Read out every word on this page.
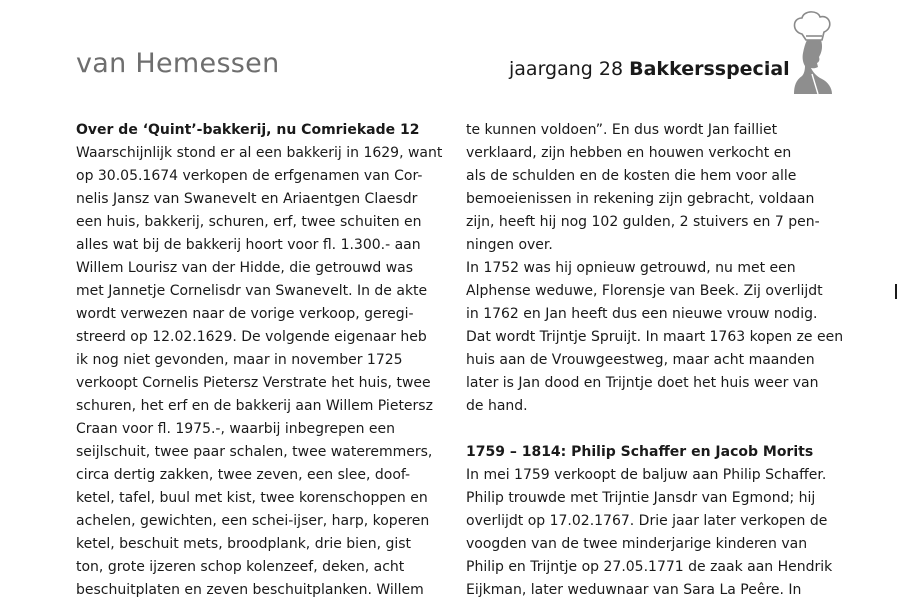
van Hemessen	jaargang 28 Bakkersspecial
Over de ‘Quint’-bakkerij, nu Comriekade 12
Waarschijnlijk stond er al een bakkerij in 1629, want
op 30.05.1674 verkopen de erfgenamen van Cor-
nelis Jansz van Swanevelt en Ariaentgen Claesdr
een huis, bakkerij, schuren, erf, twee schuiten en
alles wat bij de bakkerij hoort voor fl. 1.300.- aan
Willem Lourisz van der Hidde, die getrouwd was
met Jannetje Cornelisdr van Swanevelt. In de akte
wordt verwezen naar de vorige verkoop, geregi-
streerd op 12.02.1629. De volgende eigenaar heb
ik nog niet gevonden, maar in november 1725
verkoopt Cornelis Pietersz Verstrate het huis, twee
schuren, het erf en de bakkerij aan Willem Pietersz
Craan voor fl. 1975.-, waarbij inbegrepen een
seijlschuit, twee paar schalen, twee wateremmers,
circa dertig zakken, twee zeven, een slee, doof-
ketel, tafel, buul met kist, twee korenschoppen en
achelen, gewichten, een schei-ijser, harp, koperen
ketel, beschuit mets, broodplank, drie bien, gist
ton, grote ijzeren schop kolenzeef, deken, acht
beschuitplaten en zeven beschuitplanken. Willem
te kunnen voldoen”. En dus wordt Jan failliet
verklaard, zijn hebben en houwen verkocht en
als de schulden en de kosten die hem voor alle
bemoeienissen in rekening zijn gebracht, voldaan
zijn, heeft hij nog 102 gulden, 2 stuivers en 7 pen-
ningen over.
In 1752 was hij opnieuw getrouwd, nu met een
Alphense weduwe, Florensje van Beek. Zij overlijdt
in 1762 en Jan heeft dus een nieuwe vrouw nodig.
Dat wordt Trijntje Spruijt. In maart 1763 kopen ze een
huis aan de Vrouwgeestweg, maar acht maanden
later is Jan dood en Trijntje doet het huis weer van
de hand.
1759 – 1814: Philip Schaffer en Jacob Morits
In mei 1759 verkoopt de baljuw aan Philip Schaffer.
Philip trouwde met Trijntie Jansdr van Egmond; hij
overlijdt op 17.02.1767. Drie jaar later verkopen de
voogden van de twee minderjarige kinderen van
Philip en Trijntje op 27.05.1771 de zaak aan Hendrik
Eijkman, later weduwnaar van Sara La Peêre. In
